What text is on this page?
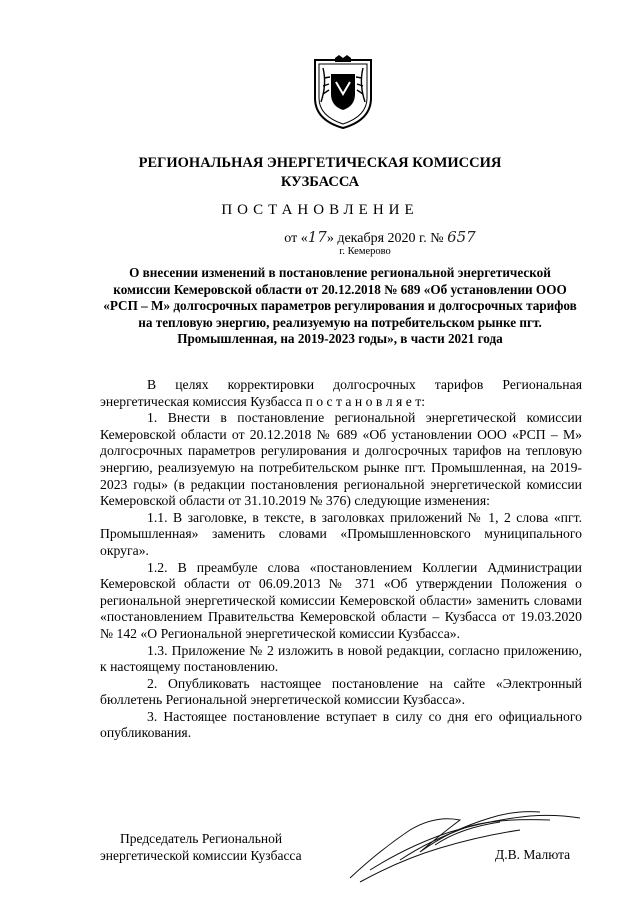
РЕГИОНАЛЬНАЯ ЭНЕРГЕТИЧЕСКАЯ КОМИССИЯ
КУЗБАССА
ПОСТАНОВЛЕНИЕ
от «17» декабря 2020 г. № 657
г. Кемерово
О внесении изменений в постановление региональной энергетической комиссии Кемеровской области от 20.12.2018 № 689 «Об установлении ООО «РСП – М» долгосрочных параметров регулирования и долгосрочных тарифов на тепловую энергию, реализуемую на потребительском рынке пгт. Промышленная, на 2019-2023 годы», в части 2021 года

В целях корректировки долгосрочных тарифов Региональная энергетическая комиссия Кузбасса п о с т а н о в л я е т:

1. Внести в постановление региональной энергетической комиссии Кемеровской области от 20.12.2018 № 689 «Об установлении ООО «РСП – М» долгосрочных параметров регулирования и долгосрочных тарифов на тепловую энергию, реализуемую на потребительском рынке пгт. Промышленная, на 2019-2023 годы» (в редакции постановления региональной энергетической комиссии Кемеровской области от 31.10.2019 № 376) следующие изменения:

1.1. В заголовке, в тексте, в заголовках приложений № 1, 2 слова «пгт. Промышленная» заменить словами «Промышленновского муниципального округа».

1.2. В преамбуле слова «постановлением Коллегии Администрации Кемеровской области от 06.09.2013 № 371 «Об утверждении Положения о региональной энергетической комиссии Кемеровской области» заменить словами «постановлением Правительства Кемеровской области – Кузбасса от 19.03.2020 № 142 «О Региональной энергетической комиссии Кузбасса».

1.3. Приложение № 2 изложить в новой редакции, согласно приложению, к настоящему постановлению.

2. Опубликовать настоящее постановление на сайте «Электронный бюллетень Региональной энергетической комиссии Кузбасса».

3. Настоящее постановление вступает в силу со дня его официального опубликования.

Председатель Региональной
энергетической комиссии Кузбасса	Д.В. Малюта
